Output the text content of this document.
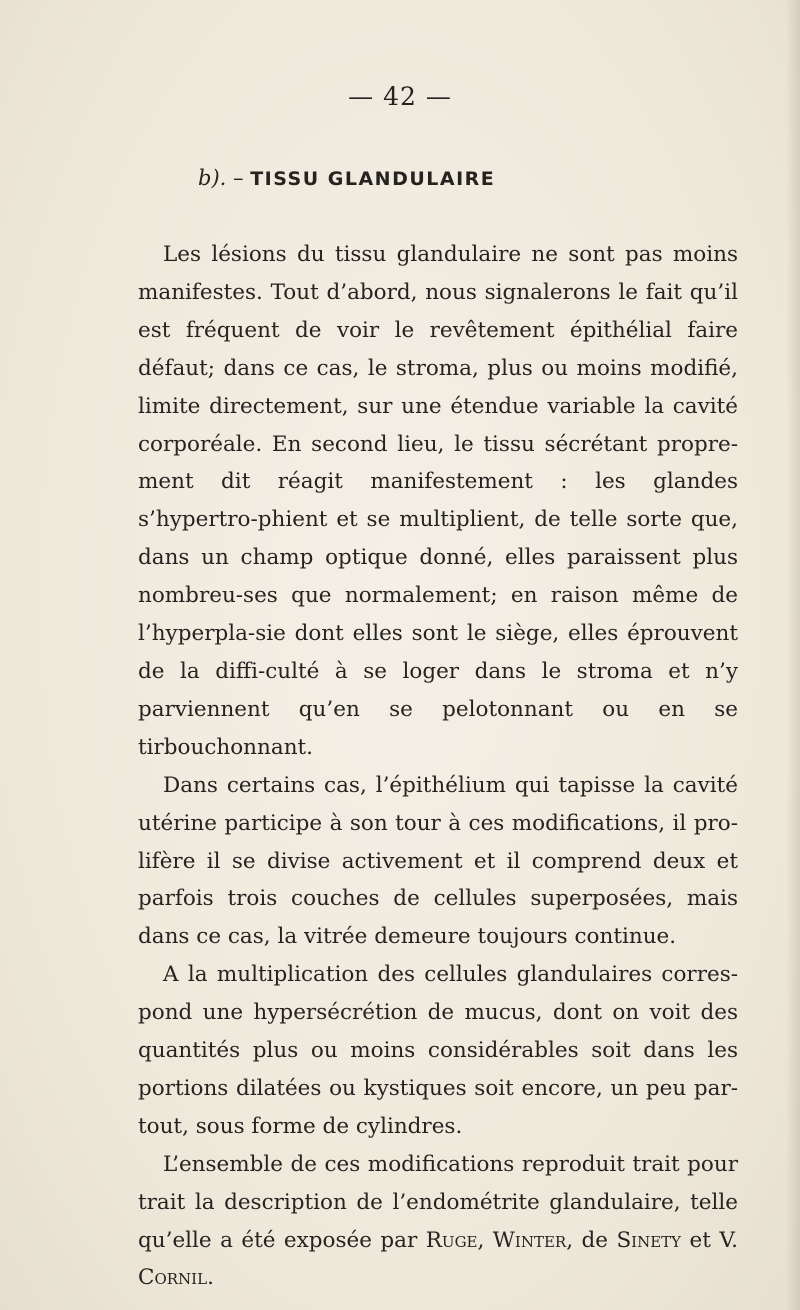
— 42 —
b). – TISSU GLANDULAIRE

Les lésions du tissu glandulaire ne sont pas moins manifestes. Tout d’abord, nous signalerons le fait qu’il est fréquent de voir le revêtement épithélial faire défaut; dans ce cas, le stroma, plus ou moins modifié, limite directement, sur une étendue variable la cavité corporéale. En second lieu, le tissu sécrétant propre-ment dit réagit manifestement : les glandes s’hypertro-phient et se multiplient, de telle sorte que, dans un champ optique donné, elles paraissent plus nombreu-ses que normalement; en raison même de l’hyperpla-sie dont elles sont le siège, elles éprouvent de la diffi-culté à se loger dans le stroma et n’y parviennent qu’en se pelotonnant ou en se tirbouchonnant.

Dans certains cas, l’épithélium qui tapisse la cavité utérine participe à son tour à ces modifications, il pro-lifère il se divise activement et il comprend deux et parfois trois couches de cellules superposées, mais dans ce cas, la vitrée demeure toujours continue.

A la multiplication des cellules glandulaires corres-pond une hypersécrétion de mucus, dont on voit des quantités plus ou moins considérables soit dans les portions dilatées ou kystiques soit encore, un peu par-tout, sous forme de cylindres.

L’ensemble de ces modifications reproduit trait pour trait la description de l’endométrite glandulaire, telle qu’elle a été exposée par Ruge, Winter, de Sinety et V. Cornil.
